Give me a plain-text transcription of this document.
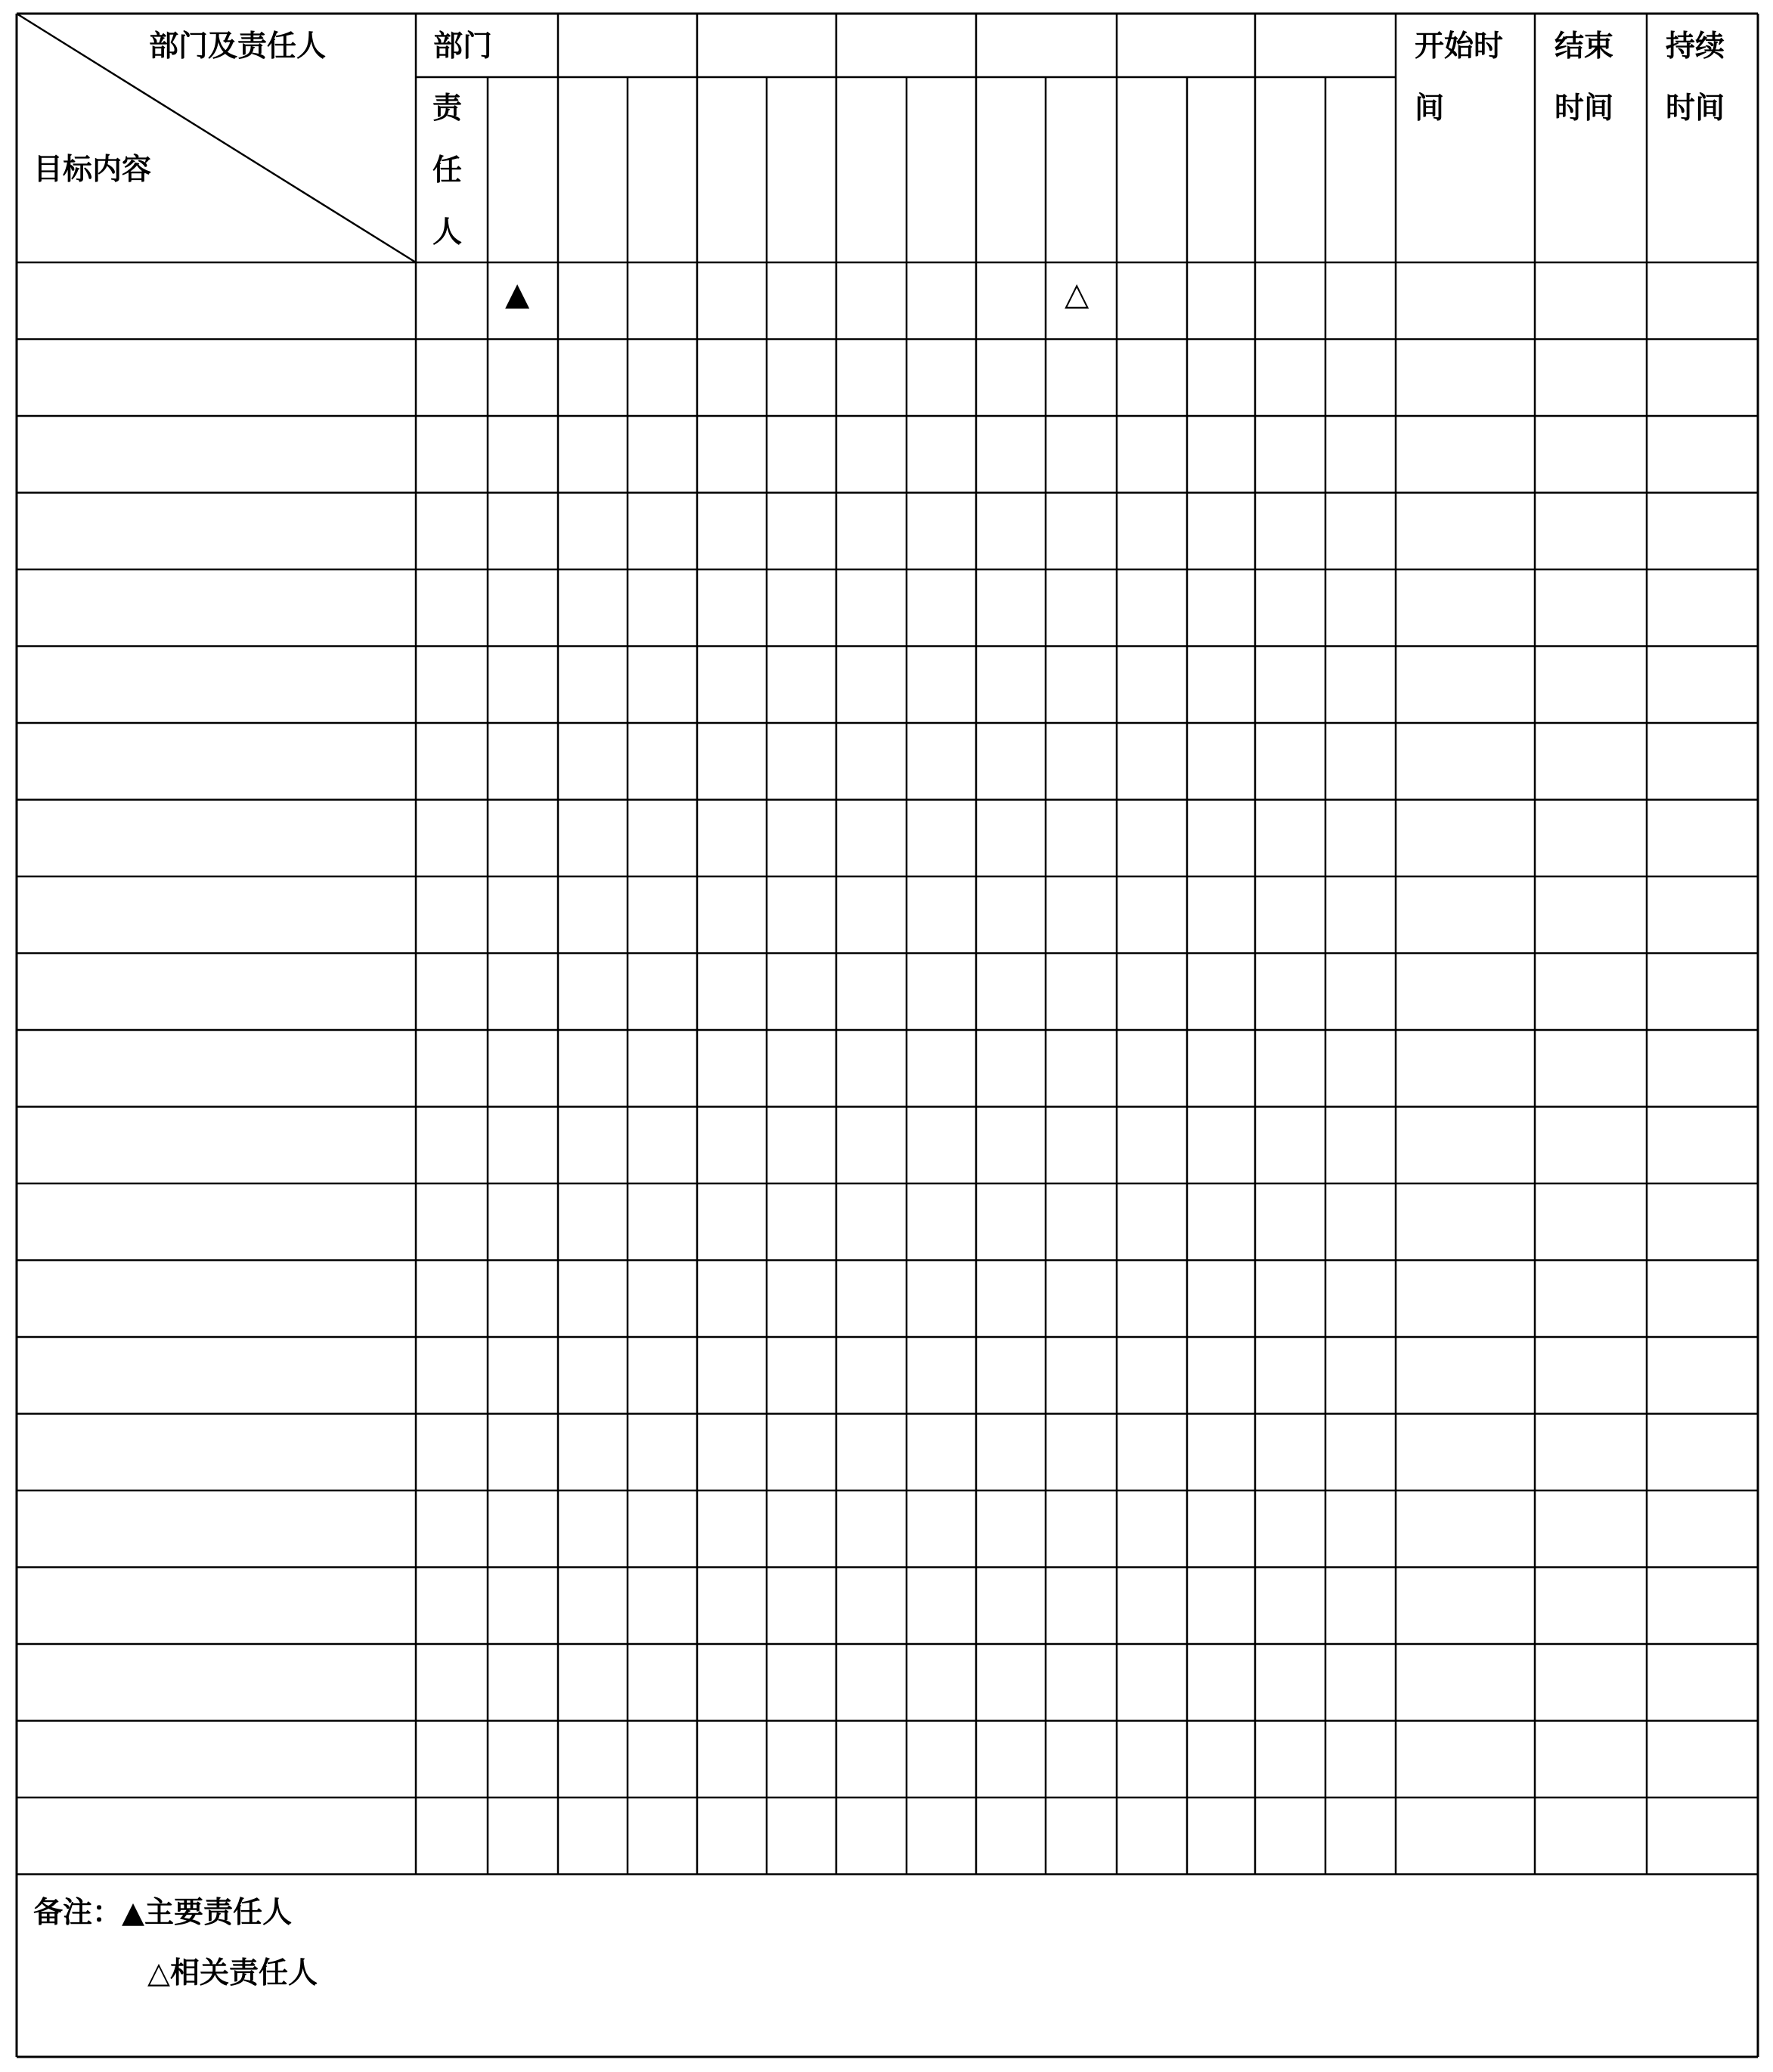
部门及责任人
目标内容
部门
责
任
人
开始时
间
结束
时间
持续
时间
▲	△
备注：▲主要责任人
△相关责任人
